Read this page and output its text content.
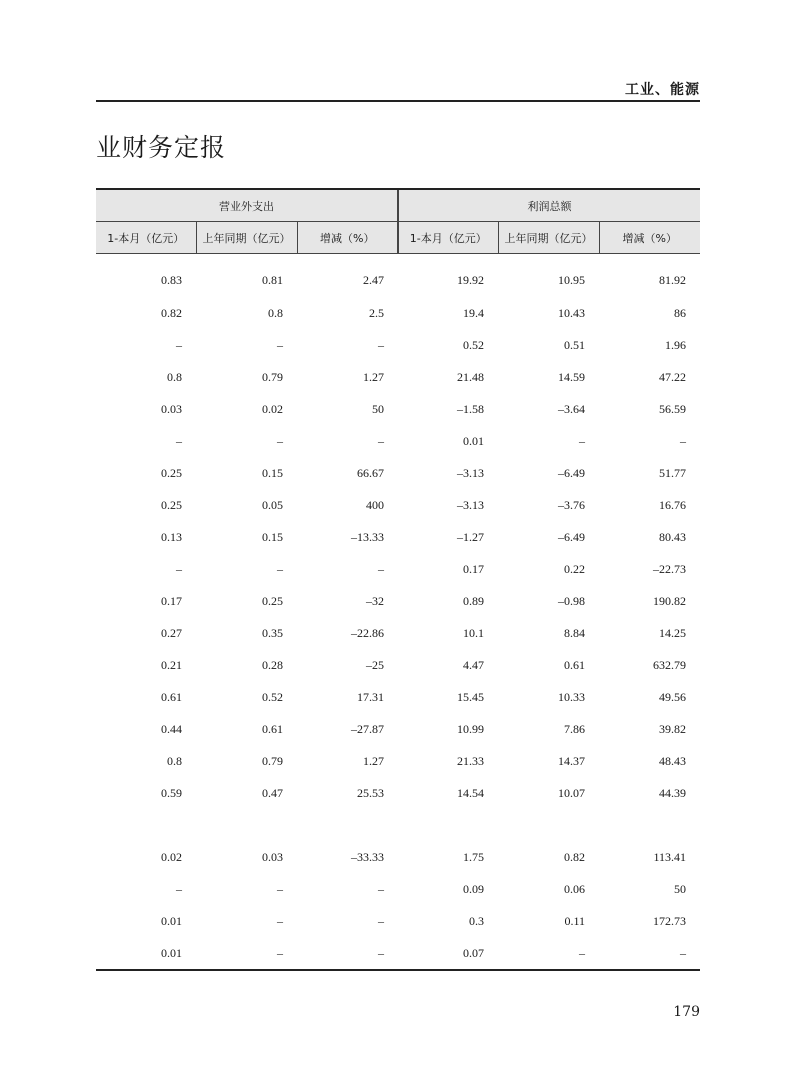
工业、能源
业财务定报
营业外支出			利润总额		
1-本月（亿元）	上年同期（亿元）	增减（%）	1-本月（亿元）	上年同期（亿元）	增减（%）
0.83	0.81	2.47	19.92	10.95	81.92
0.82	0.8	2.5	19.4	10.43	86
–	–	–	0.52	0.51	1.96
0.8	0.79	1.27	21.48	14.59	47.22
0.03	0.02	50	–1.58	–3.64	56.59
–	–	–	0.01	–	–
0.25	0.15	66.67	–3.13	–6.49	51.77
0.25	0.05	400	–3.13	–3.76	16.76
0.13	0.15	–13.33	–1.27	–6.49	80.43
–	–	–	0.17	0.22	–22.73
0.17	0.25	–32	0.89	–0.98	190.82
0.27	0.35	–22.86	10.1	8.84	14.25
0.21	0.28	–25	4.47	0.61	632.79
0.61	0.52	17.31	15.45	10.33	49.56
0.44	0.61	–27.87	10.99	7.86	39.82
0.8	0.79	1.27	21.33	14.37	48.43
0.59	0.47	25.53	14.54	10.07	44.39

0.02	0.03	–33.33	1.75	0.82	113.41
–	–	–	0.09	0.06	50
0.01	–	–	0.3	0.11	172.73
0.01	–	–	0.07	–	–
179
